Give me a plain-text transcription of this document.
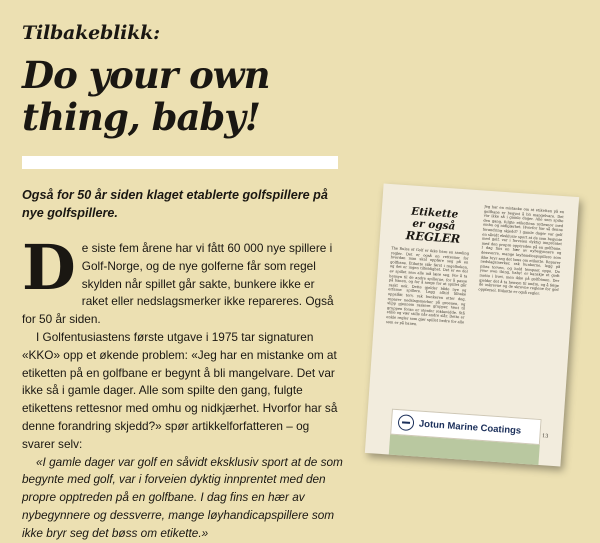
Tilbakeblikk:
Do your own thing, baby!
Også for 50 år siden klaget etablerte golfspillere på nye golfspillere.
D e siste fem årene har vi fått 60 000 nye spillere i Golf-Norge, og de nye golferne får som regel skylden når spillet går sakte, bunkere ikke er raket eller nedslagsmerker ikke repareres. Også for 50 år siden.

I Golfentusiastens første utgave i 1975 tar signaturen «KKO» opp et økende problem: «Jeg har en mistanke om at etiketten på en golfbane er begynt å bli mangelvare. Det var ikke så i gamle dager. Alle som spilte den gang, fulgte etikettens rettesnor med omhu og nidkjærhet. Hvorfor har så denne forandring skjedd?» spør artikkelforfatteren – og svarer selv:

«I gamle dager var golf en såvidt eksklusiv sport at de som begynte med golf, var i forveien dyktig innprentet med den propre opptreden på en golfbane. I dag fins en hær av nybegynnere og dessverre, mange løyhandicapspillere som ikke bryr seg det bøss om etikette.»

Etikette
er også
REGLER
The Rules of Golf er ikke bare en samling regler. Det er også en rettesnor for hvordan man skal oppføre seg på en golfbane. Etikette står først i regelboken, og det er ingen tilfeldighet. Det er en del av spillet som alle må lære seg. For å ta hensyn til de andre spillerne, for å passe på banen, og for å sørge for at spillet går raskt nok. Dette gjelder både nye og erfarne spillere. Legg alltid tilbake oppslått torv, rak bunkeren etter deg, reparer nedslagsmerker på greenen, og slipp gjennom raskere grupper. Vent til gruppen foran er utenfor rekkevidde. Stå stille og vær stille når andre slår. Dette er enkle regler som gjør spillet bedre for alle som er på banen.
Jeg har en mistanke om at etiketten på en golfbane er begynt å bli mangelvare. Det var ikke så i gamle dager. Alle som spilte den gang, fulgte etikettens rettesnor med omhu og nidkjærhet. Hvorfor har så denne forandring skjedd? I gamle dager var golf en såvidt eksklusiv sport at de som begynte med golf, var i forveien dyktig innprentet med den propre opptreden på en golfbane. I dag fins en hær av nybegynnere og dessverre, mange løyhandicapspillere som ikke bryr seg det bøss om etikette. Reparer nedslagsmerker, rak bunkerne, legg på plass torven, og hold tempoet oppe. Do your own thing, baby! er kanskje et godt motto i livet, men ikke på golfbanen. Der gjelder det å ta hensyn til andre, og å følge de uskrevne og de skrevne reglene for god oppførsel. Etikette er også regler.
13
Jotun Marine Coatings
